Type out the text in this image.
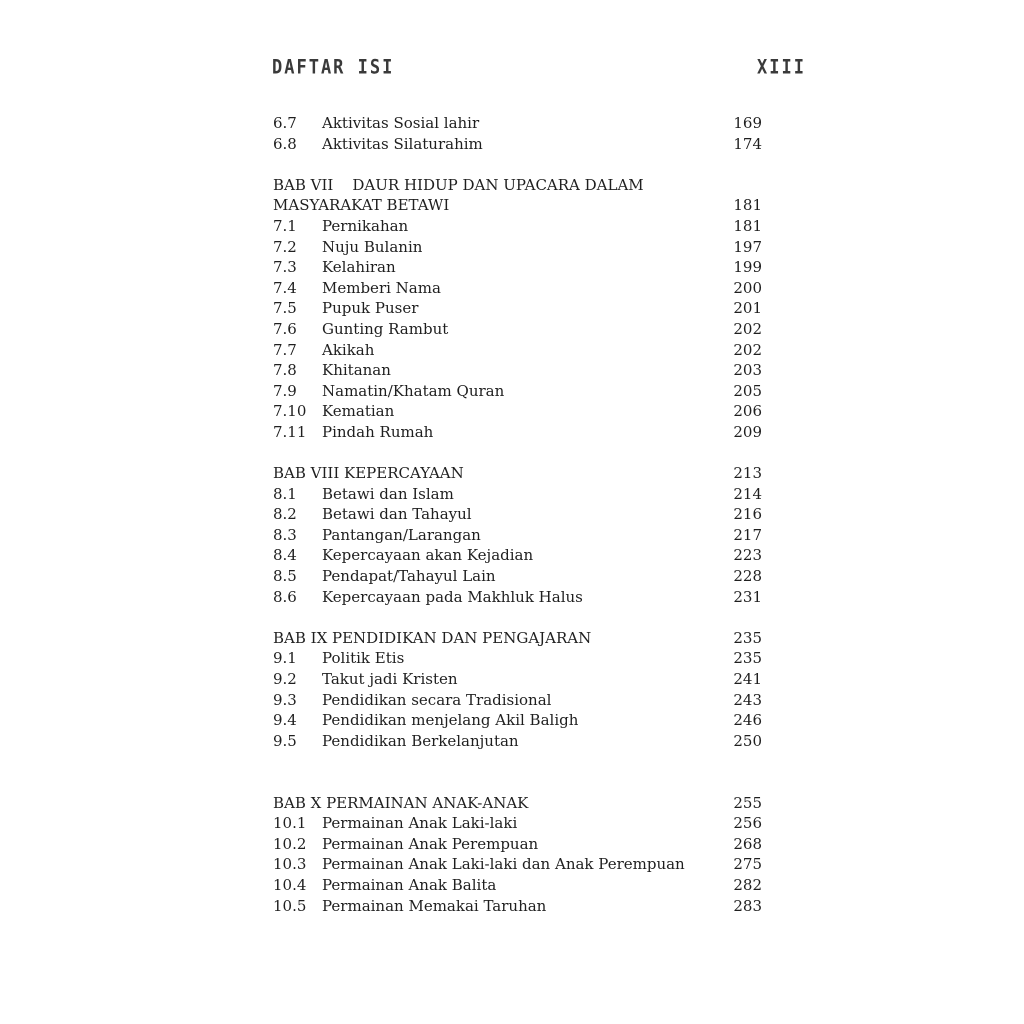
DAFTAR ISI	XIII
6.7 Aktivitas Sosial lahir	169
6.8 Aktivitas Silaturahim	174
BAB VII    DAUR HIDUP DAN UPACARA DALAM
MASYARAKAT BETAWI	181
7.1 Pernikahan	181
7.2 Nuju Bulanin	197
7.3 Kelahiran	199
7.4 Memberi Nama	200
7.5 Pupuk Puser	201
7.6 Gunting Rambut	202
7.7 Akikah	202
7.8 Khitanan	203
7.9 Namatin/Khatam Quran	205
7.10 Kematian	206
7.11 Pindah Rumah	209
BAB VIII KEPERCAYAAN	213
8.1 Betawi dan Islam	214
8.2 Betawi dan Tahayul	216
8.3 Pantangan/Larangan	217
8.4 Kepercayaan akan Kejadian	223
8.5 Pendapat/Tahayul Lain	228
8.6 Kepercayaan pada Makhluk Halus	231
BAB IX PENDIDIKAN DAN PENGAJARAN	235
9.1 Politik Etis	235
9.2 Takut jadi Kristen	241
9.3 Pendidikan secara Tradisional	243
9.4 Pendidikan menjelang Akil Baligh	246
9.5 Pendidikan Berkelanjutan	250
BAB X PERMAINAN ANAK-ANAK	255
10.1 Permainan Anak Laki-laki	256
10.2 Permainan Anak Perempuan	268
10.3 Permainan Anak Laki-laki dan Anak Perempuan	275
10.4 Permainan Anak Balita	282
10.5 Permainan Memakai Taruhan	283
